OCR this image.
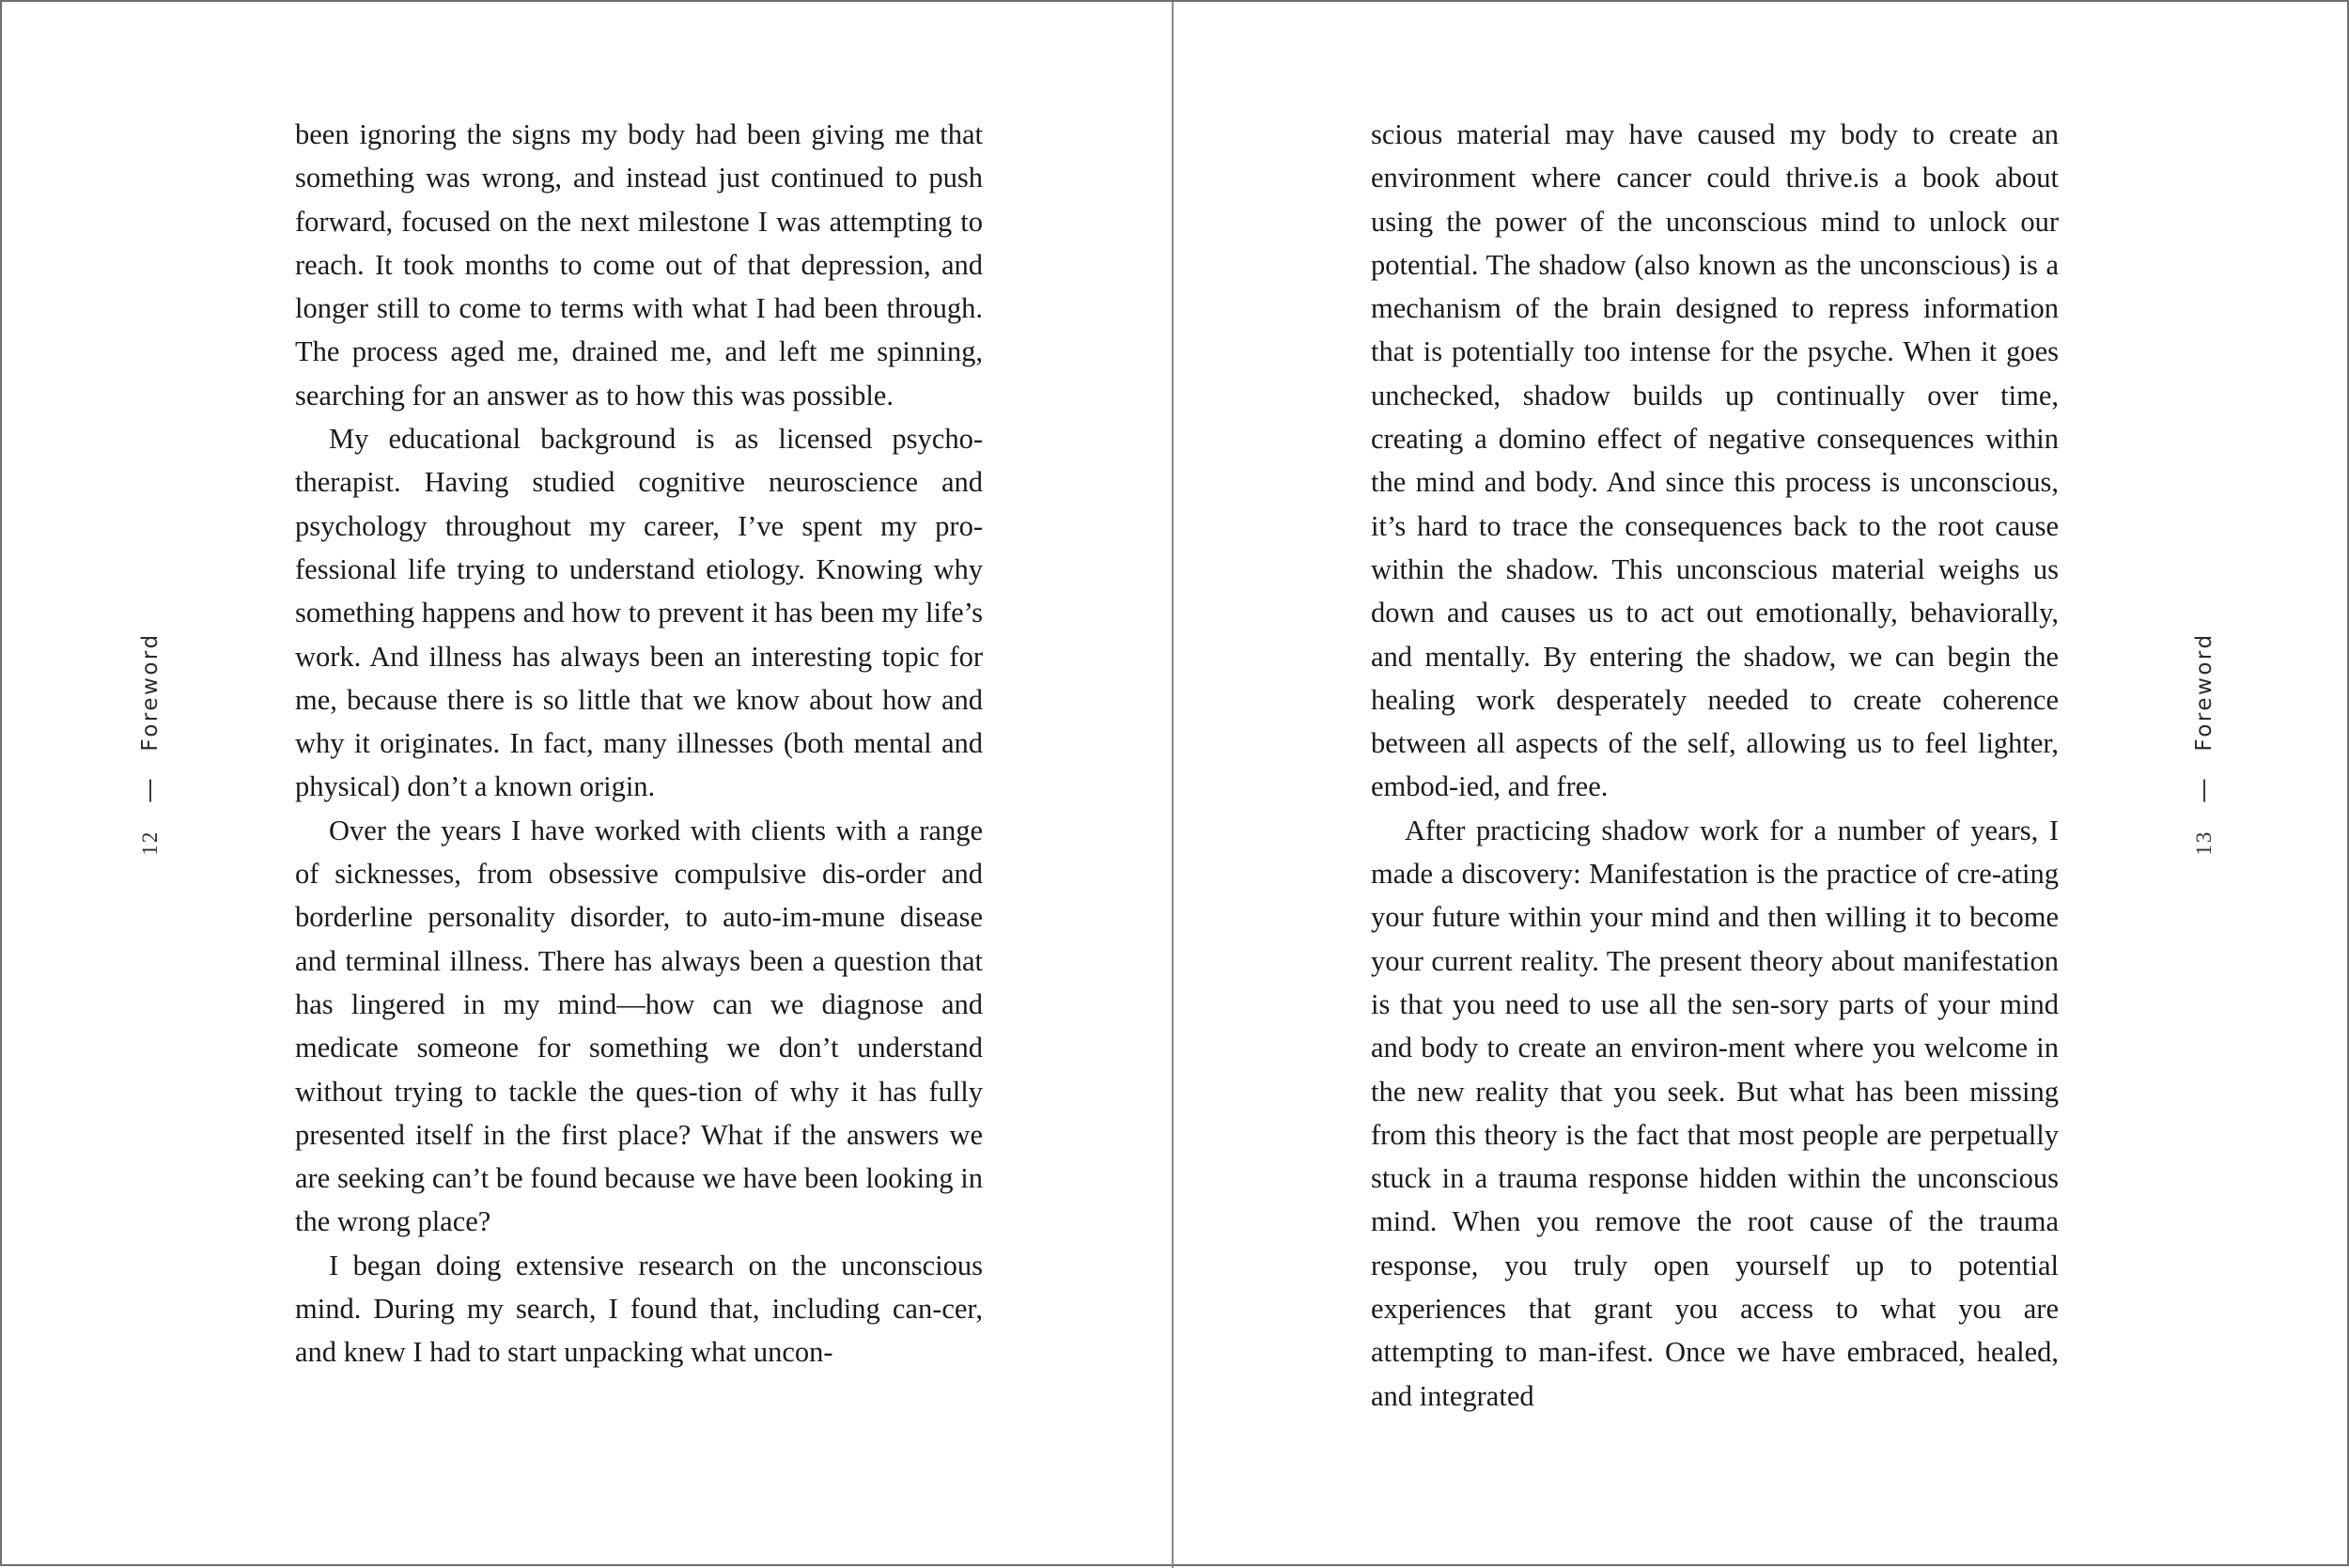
12
Foreword

been ignoring the signs my body had been giving me that something was wrong, and instead just continued to push forward, focused on the next milestone I was attempting to reach. It took months to come out of that depression, and longer still to come to terms with what I had been through. The process aged me, drained me, and left me spinning, searching for an answer as to how this was possible.

My educational background is as licensed psycho-therapist. Having studied cognitive neuroscience and psychology throughout my career, I’ve spent my pro-fessional life trying to understand etiology. Knowing why something happens and how to prevent it has been my life’s work. And illness has always been an interesting topic for me, because there is so little that we know about how and why it originates. In fact, many illnesses (both mental and physical) don’t a known origin.

Over the years I have worked with clients with a range of sicknesses, from obsessive compulsive dis-order and borderline personality disorder, to auto-im-mune disease and terminal illness. There has always been a question that has lingered in my mind—how can we diagnose and medicate someone for something we don’t understand without trying to tackle the ques-tion of why it has fully presented itself in the first place? What if the answers we are seeking can’t be found because we have been looking in the wrong place?

I began doing extensive research on the unconscious mind. During my search, I found that, including can-cer, and knew I had to start unpacking what uncon-

scious material may have caused my body to create an environment where cancer could thrive.is a book about using the power of the unconscious mind to unlock our potential. The shadow (also known as the unconscious) is a mechanism of the brain designed to repress information that is potentially too intense for the psyche. When it goes unchecked, shadow builds up continually over time, creating a domino effect of negative consequences within the mind and body. And since this process is unconscious, it’s hard to trace the consequences back to the root cause within the shadow. This unconscious material weighs us down and causes us to act out emotionally, behaviorally, and mentally. By entering the shadow, we can begin the healing work desperately needed to create coherence between all aspects of the self, allowing us to feel lighter, embod-ied, and free.

After practicing shadow work for a number of years, I made a discovery: Manifestation is the practice of cre-ating your future within your mind and then willing it to become your current reality. The present theory about manifestation is that you need to use all the sen-sory parts of your mind and body to create an environ-ment where you welcome in the new reality that you seek. But what has been missing from this theory is the fact that most people are perpetually stuck in a trauma response hidden within the unconscious mind. When you remove the root cause of the trauma response, you truly open yourself up to potential experiences that grant you access to what you are attempting to man-ifest. Once we have embraced, healed, and integrated

13
Foreword
